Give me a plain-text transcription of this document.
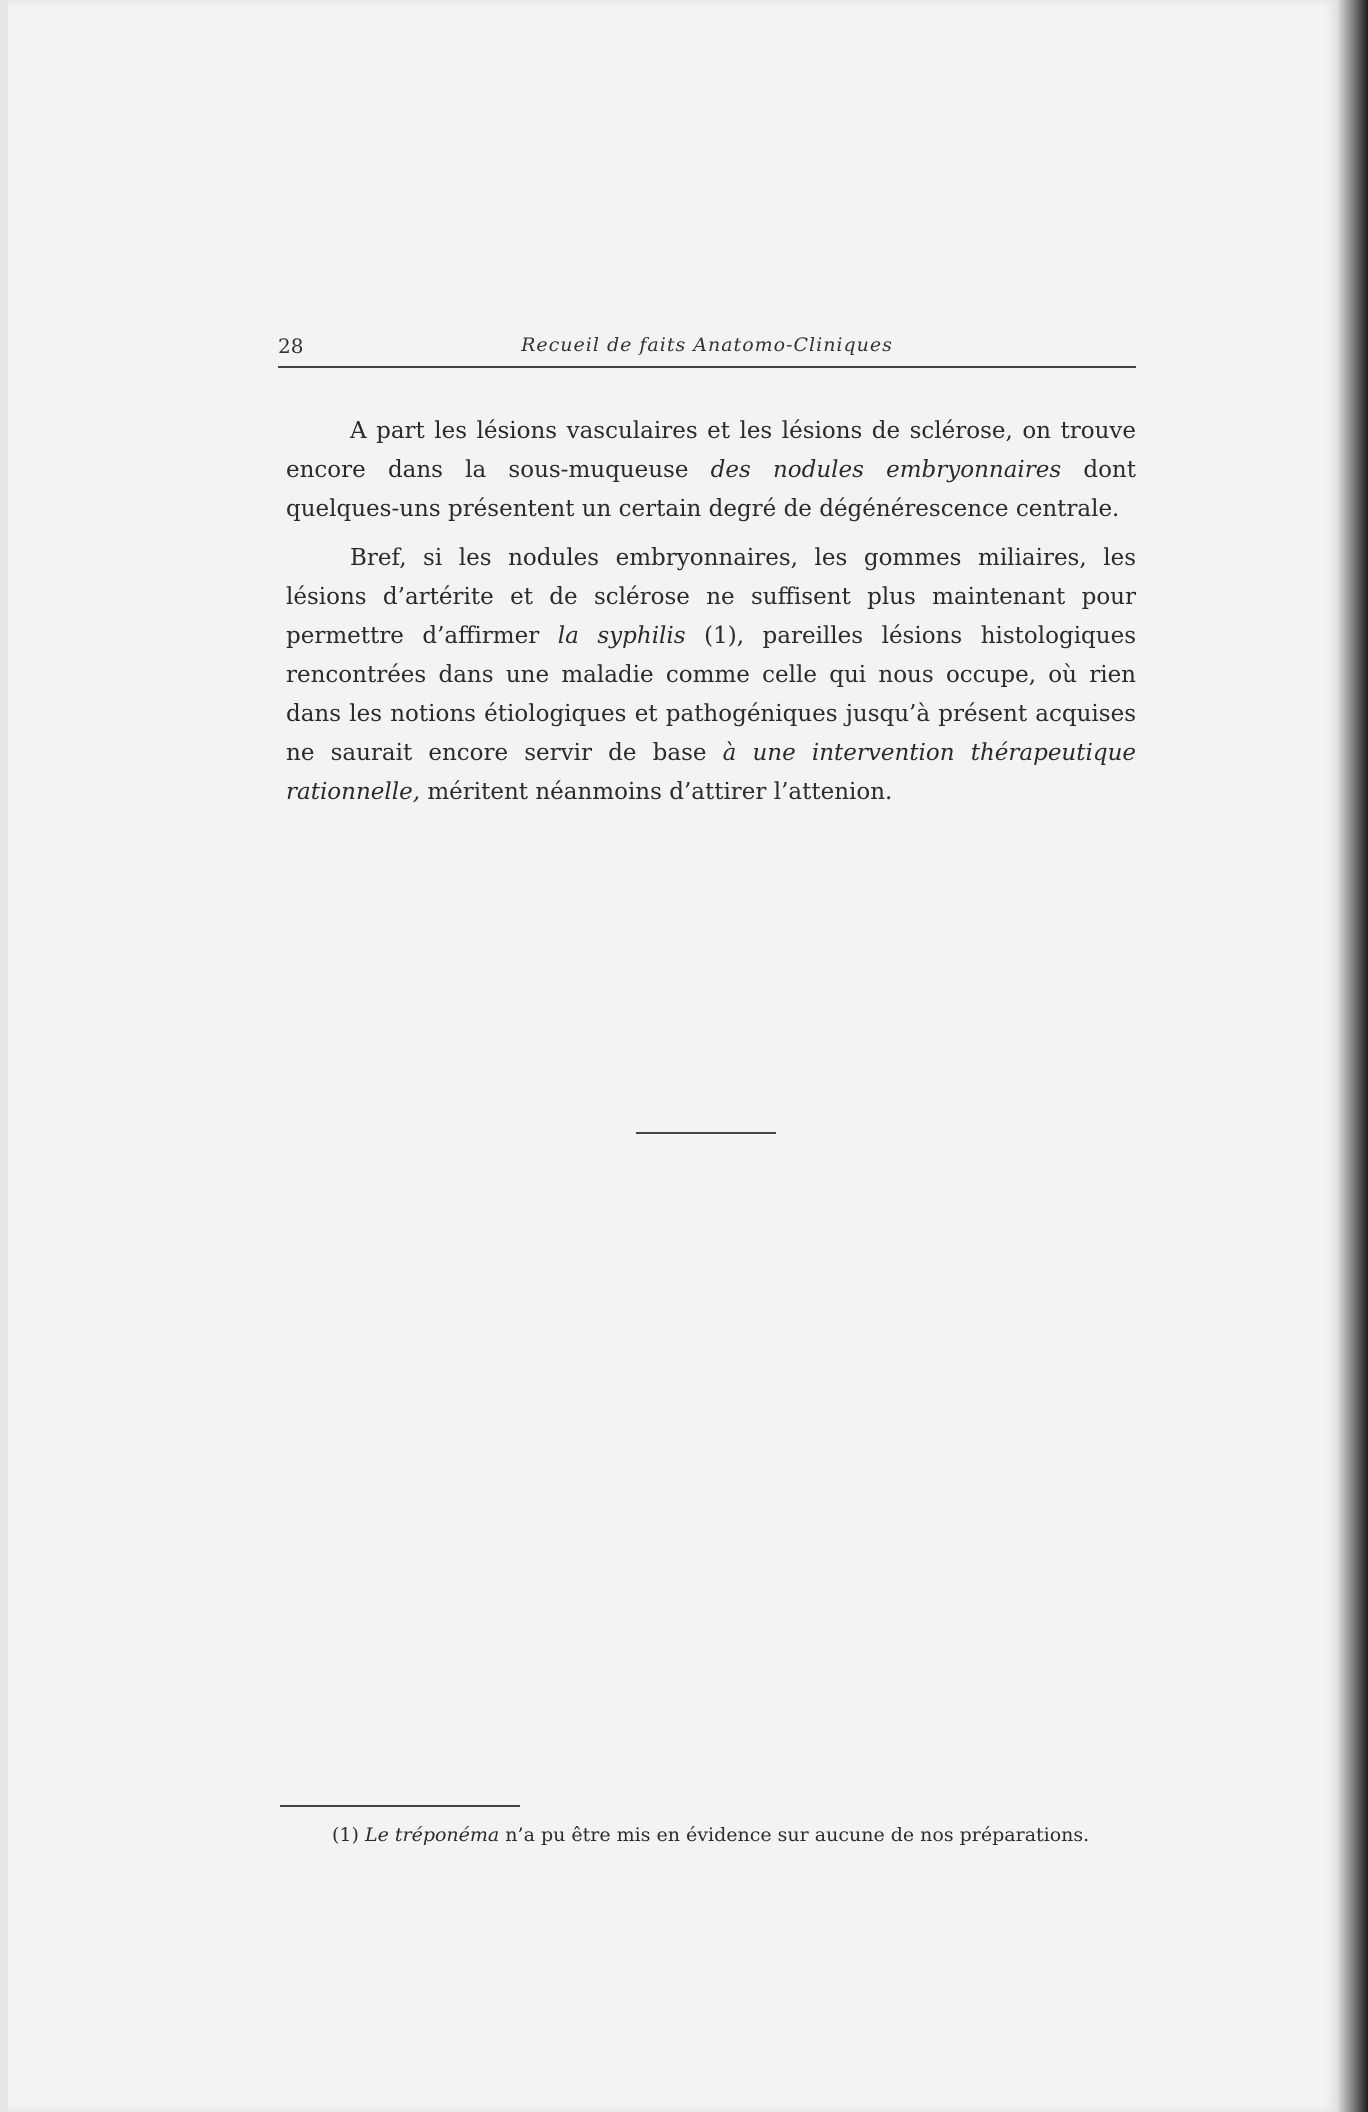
28	Recueil de faits Anatomo-Cliniques

A part les lésions vasculaires et les lésions de sclérose, on trouve encore dans la sous-muqueuse des nodules embryonnaires dont quelques-uns présentent un certain degré de dégénérescence centrale.

Bref, si les nodules embryonnaires, les gommes miliaires, les lésions d’artérite et de sclérose ne suffisent plus maintenant pour permettre d’affirmer la syphilis (1), pareilles lésions histologiques rencontrées dans une maladie comme celle qui nous occupe, où rien dans les notions étiologiques et pathogéniques jusqu’à présent acquises ne saurait encore servir de base à une intervention thérapeutique rationnelle, méritent néanmoins d’attirer l’attenion.

(1) Le tréponéma n’a pu être mis en évidence sur aucune de nos préparations.
